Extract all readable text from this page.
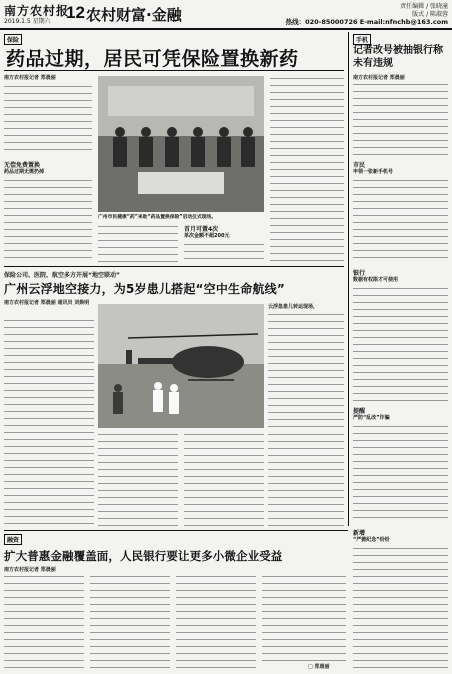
南方农村报
2019.1.5 星期六 12 农村财富·金融	责任编辑 / 张晓潼
版式 / 陈淑蓉
热线：020-85000726 E-mail:nfnchb@163.com
保险
药品过期，居民可凭保险置换新药
南方农村报记者 郑晨丽
无偿免费置换
药品过期无需扔掉
广州市民健康“药”来助“药品置换保险”启动仪式现场。
首月可置4次
单次金额不超200元
手机
记者改号被抽银行称未有违规
南方农村报记者 郑晨丽
市民
申领一张新手机号
银行
数据有权限才可使用
提醒
严防“乱改”诈骗
保险公司、医院、航空多方开展“地空联动”
广州云浮地空接力，为5岁患儿搭起“空中生命航线”
南方农村报记者 郑晨丽 通讯员 刘焕明
云浮急患儿转运现场，
新增
“严掀纪念”纷纷
融资
扩大普惠金融覆盖面，人民银行要让更多小微企业受益
南方农村报记者 郑晨丽
□ 郑晨丽
